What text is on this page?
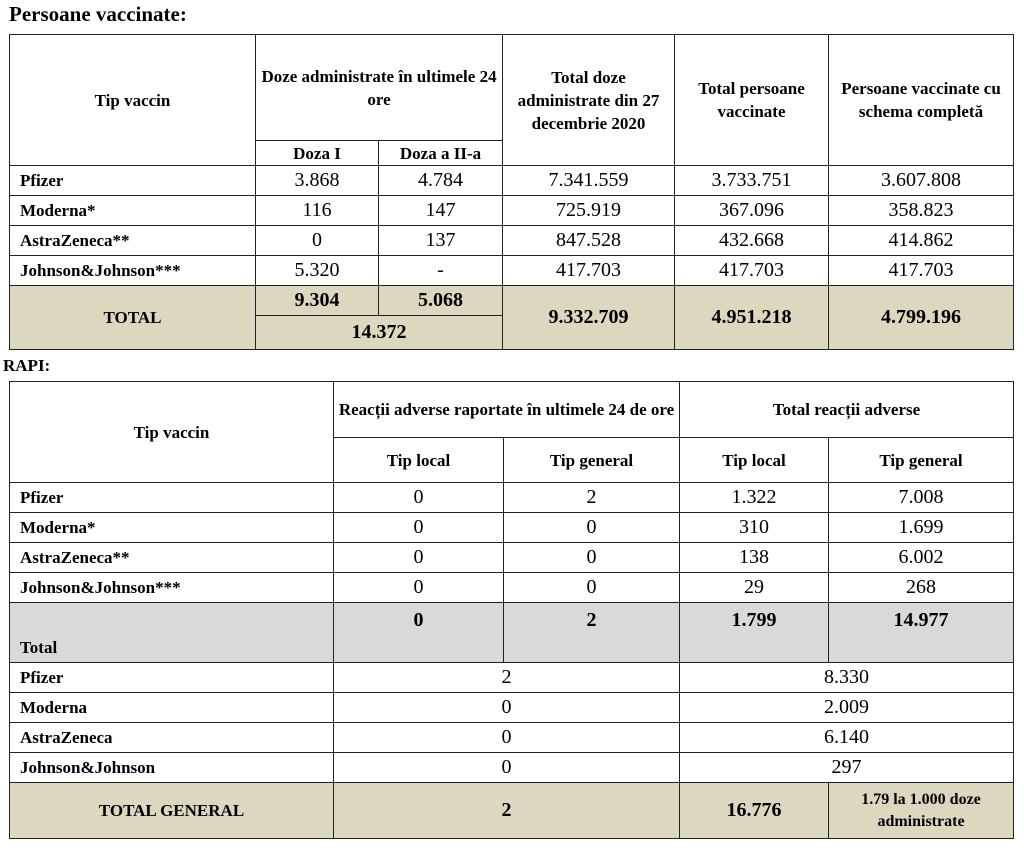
Persoane vaccinate:
Tip vaccin	Doze administrate în ultimele 24 ore		Total doze administrate din 27 decembrie 2020	Total persoane vaccinate	Persoane vaccinate cu schema completă
	Doza I	Doza a II-a			
Pfizer	3.868	4.784	7.341.559	3.733.751	3.607.808
Moderna*	116	147	725.919	367.096	358.823
AstraZeneca**	0	137	847.528	432.668	414.862
Johnson&Johnson***	5.320	-	417.703	417.703	417.703
TOTAL	9.304	5.068	9.332.709	4.951.218	4.799.196
	14.372				
RAPI:
Tip vaccin	Reacții adverse raportate în ultimele 24 de ore		Total reacții adverse	
	Tip local	Tip general	Tip local	Tip general
Pfizer	0	2	1.322	7.008
Moderna*	0	0	310	1.699
AstraZeneca**	0	0	138	6.002
Johnson&Johnson***	0	0	29	268
Total	0	2	1.799	14.977
Pfizer	2		8.330	
Moderna	0		2.009	
AstraZeneca	0		6.140	
Johnson&Johnson	0		297	
TOTAL GENERAL	2		16.776	1.79 la 1.000 doze administrate
